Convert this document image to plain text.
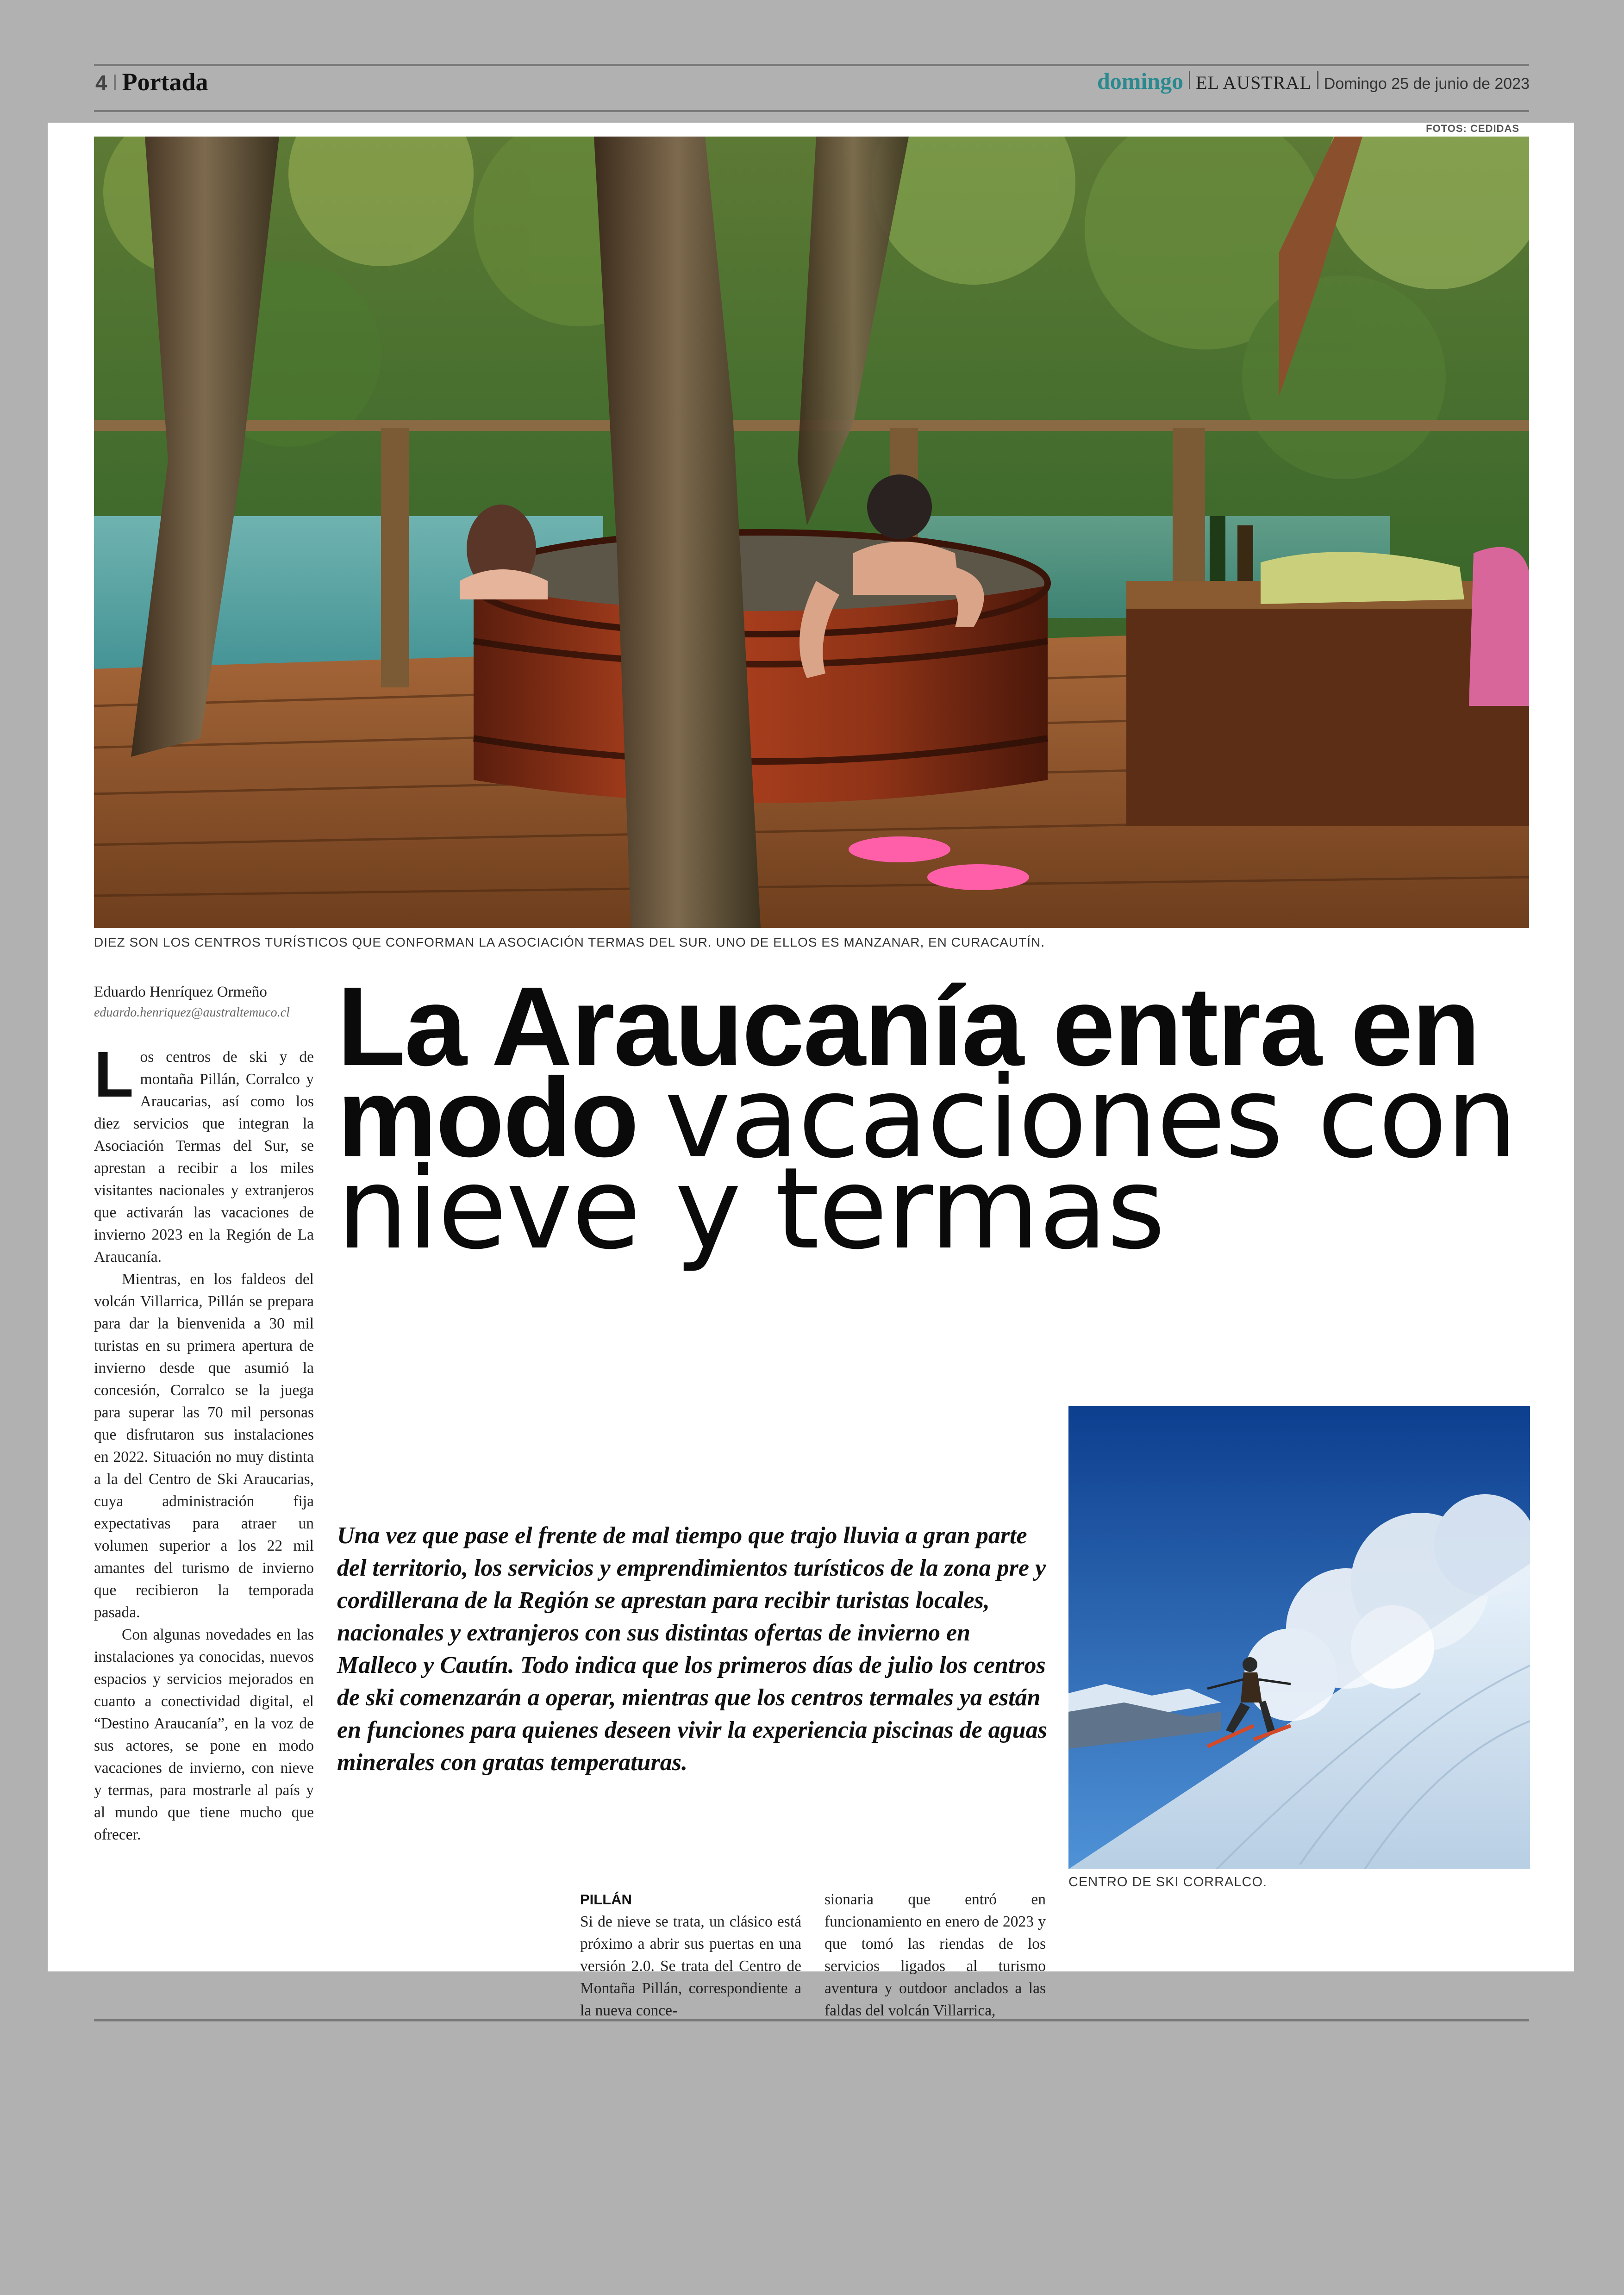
4 Portada	domingo EL AUSTRAL Domingo 25 de junio de 2023
FOTOS: CEDIDAS
DIEZ SON LOS CENTROS TURÍSTICOS QUE CONFORMAN LA ASOCIACIÓN TERMAS DEL SUR. UNO DE ELLOS ES MANZANAR, EN CURACAUTÍN.
Eduardo Henríquez Ormeño
eduardo.henriquez@australtemuco.cl

Los centros de ski y de montaña Pillán, Corralco y Araucarias, así como los diez servicios que integran la Asociación Termas del Sur, se aprestan a recibir a los miles visitantes nacionales y extranjeros que activarán las vacaciones de invierno 2023 en la Región de La Araucanía.

Mientras, en los faldeos del volcán Villarrica, Pillán se prepara para dar la bienvenida a 30 mil turistas en su primera apertura de invierno desde que asumió la concesión, Corralco se la juega para superar las 70 mil personas que disfrutaron sus instalaciones en 2022. Situación no muy distinta a la del Centro de Ski Araucarias, cuya administración fija expectativas para atraer un volumen superior a los 22 mil amantes del turismo de invierno que recibieron la temporada pasada.

Con algunas novedades en las instalaciones ya conocidas, nuevos espacios y servicios mejorados en cuanto a conectividad digital, el “Destino Araucanía”, en la voz de sus actores, se pone en modo vacaciones de invierno, con nieve y termas, para mostrarle al país y al mundo que tiene mucho que ofrecer.

La Araucanía entra en modo vacaciones con nieve y termas
Una vez que pase el frente de mal tiempo que trajo lluvia a gran parte del territorio, los servicios y emprendimientos turísticos de la zona pre y cordillerana de la Región se aprestan para recibir turistas locales, nacionales y extranjeros con sus distintas ofertas de invierno en Malleco y Cautín. Todo indica que los primeros días de julio los centros de ski comenzarán a operar, mientras que los centros termales ya están en funciones para quienes deseen vivir la experiencia piscinas de aguas minerales con gratas temperaturas.
PILLÁN
Si de nieve se trata, un clásico está próximo a abrir sus puertas en una versión 2.0. Se trata del Centro de Montaña Pillán, correspondiente a la nueva conce-
sionaria que entró en funcionamiento en enero de 2023 y que tomó las riendas de los servicios ligados al turismo aventura y outdoor anclados a las faldas del volcán Villarrica,
CENTRO DE SKI CORRALCO.
